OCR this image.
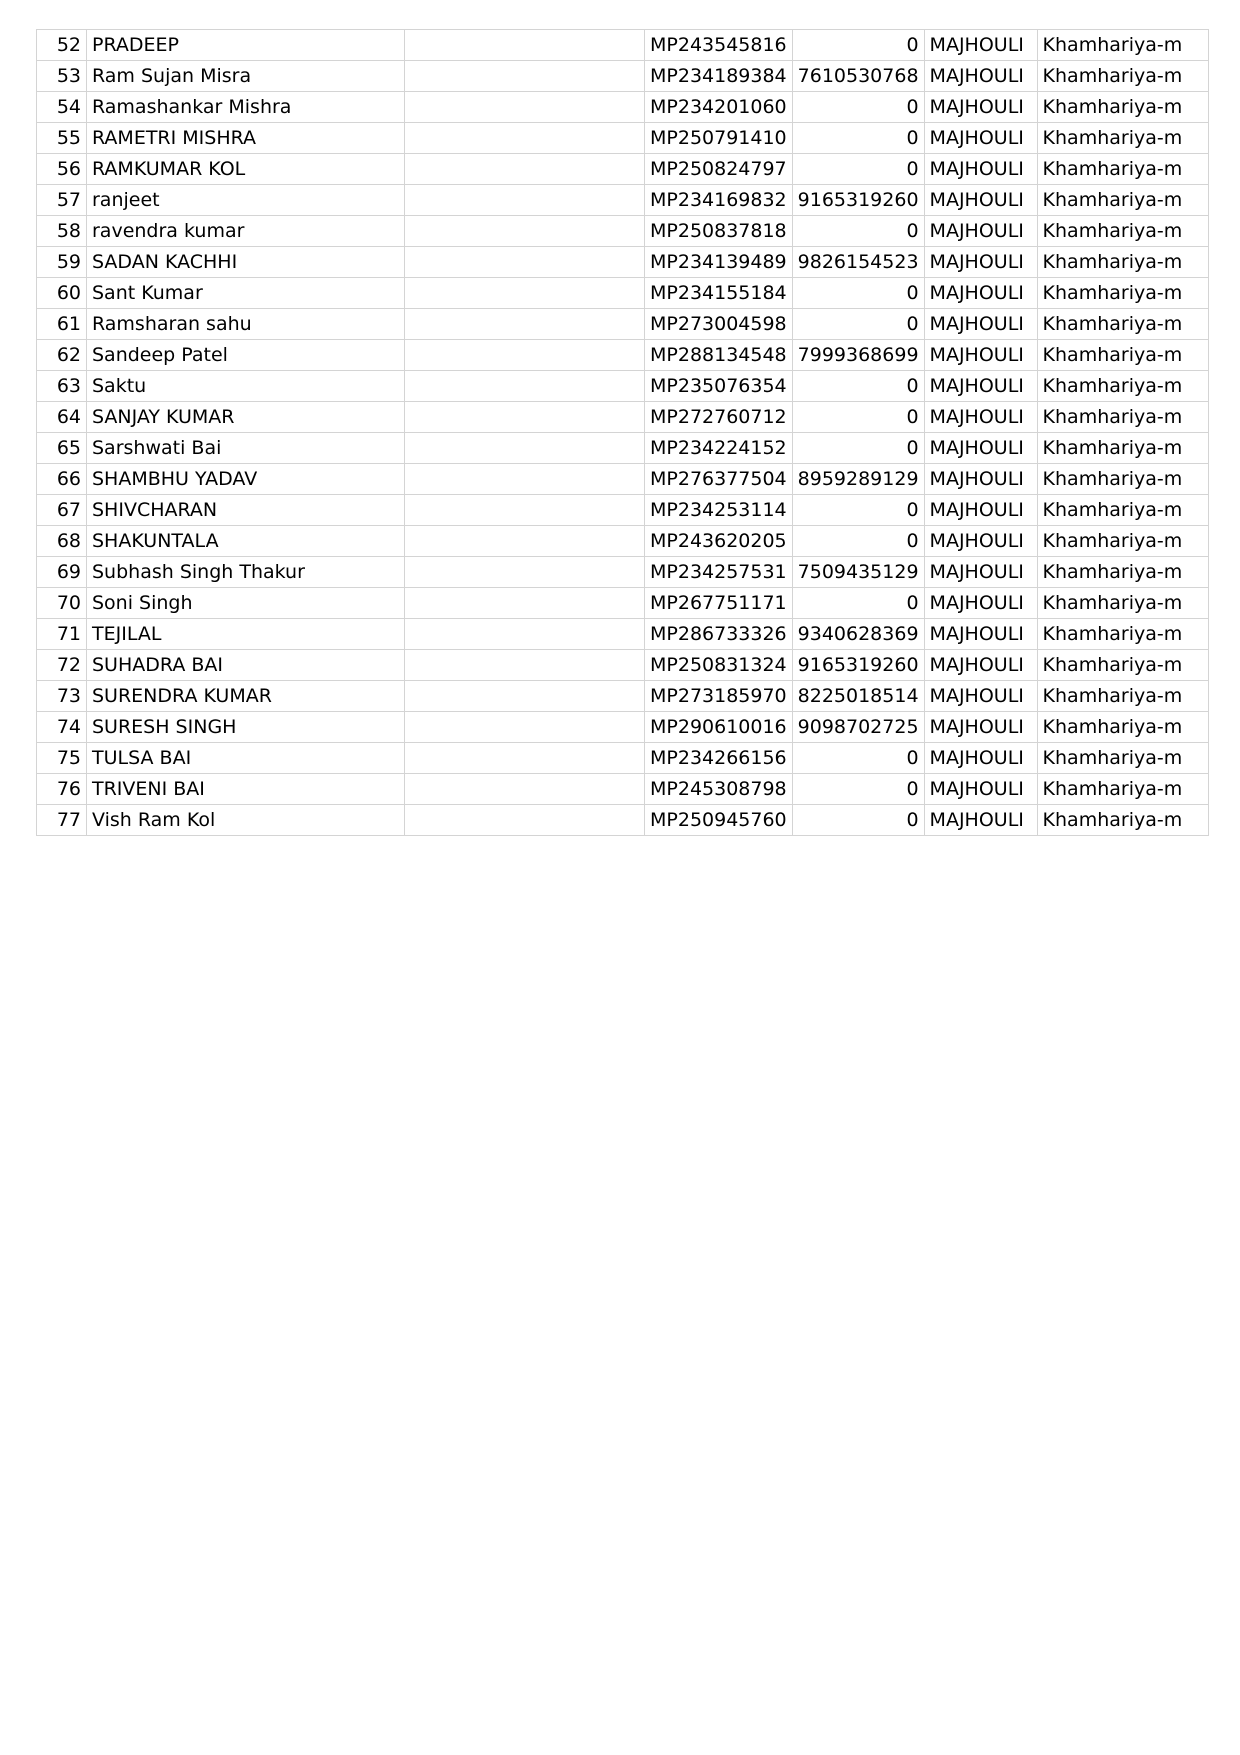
52	PRADEEP		MP243545816	0	MAJHOULI	Khamhariya-m
53	Ram Sujan Misra		MP234189384	7610530768	MAJHOULI	Khamhariya-m
54	Ramashankar Mishra		MP234201060	0	MAJHOULI	Khamhariya-m
55	RAMETRI MISHRA		MP250791410	0	MAJHOULI	Khamhariya-m
56	RAMKUMAR KOL		MP250824797	0	MAJHOULI	Khamhariya-m
57	ranjeet		MP234169832	9165319260	MAJHOULI	Khamhariya-m
58	ravendra kumar		MP250837818	0	MAJHOULI	Khamhariya-m
59	SADAN KACHHI		MP234139489	9826154523	MAJHOULI	Khamhariya-m
60	Sant Kumar		MP234155184	0	MAJHOULI	Khamhariya-m
61	Ramsharan sahu		MP273004598	0	MAJHOULI	Khamhariya-m
62	Sandeep Patel		MP288134548	7999368699	MAJHOULI	Khamhariya-m
63	Saktu		MP235076354	0	MAJHOULI	Khamhariya-m
64	SANJAY KUMAR		MP272760712	0	MAJHOULI	Khamhariya-m
65	Sarshwati Bai		MP234224152	0	MAJHOULI	Khamhariya-m
66	SHAMBHU YADAV		MP276377504	8959289129	MAJHOULI	Khamhariya-m
67	SHIVCHARAN		MP234253114	0	MAJHOULI	Khamhariya-m
68	SHAKUNTALA		MP243620205	0	MAJHOULI	Khamhariya-m
69	Subhash Singh Thakur		MP234257531	7509435129	MAJHOULI	Khamhariya-m
70	Soni Singh		MP267751171	0	MAJHOULI	Khamhariya-m
71	TEJILAL		MP286733326	9340628369	MAJHOULI	Khamhariya-m
72	SUHADRA BAI		MP250831324	9165319260	MAJHOULI	Khamhariya-m
73	SURENDRA KUMAR		MP273185970	8225018514	MAJHOULI	Khamhariya-m
74	SURESH SINGH		MP290610016	9098702725	MAJHOULI	Khamhariya-m
75	TULSA BAI		MP234266156	0	MAJHOULI	Khamhariya-m
76	TRIVENI BAI		MP245308798	0	MAJHOULI	Khamhariya-m
77	Vish Ram Kol		MP250945760	0	MAJHOULI	Khamhariya-m
